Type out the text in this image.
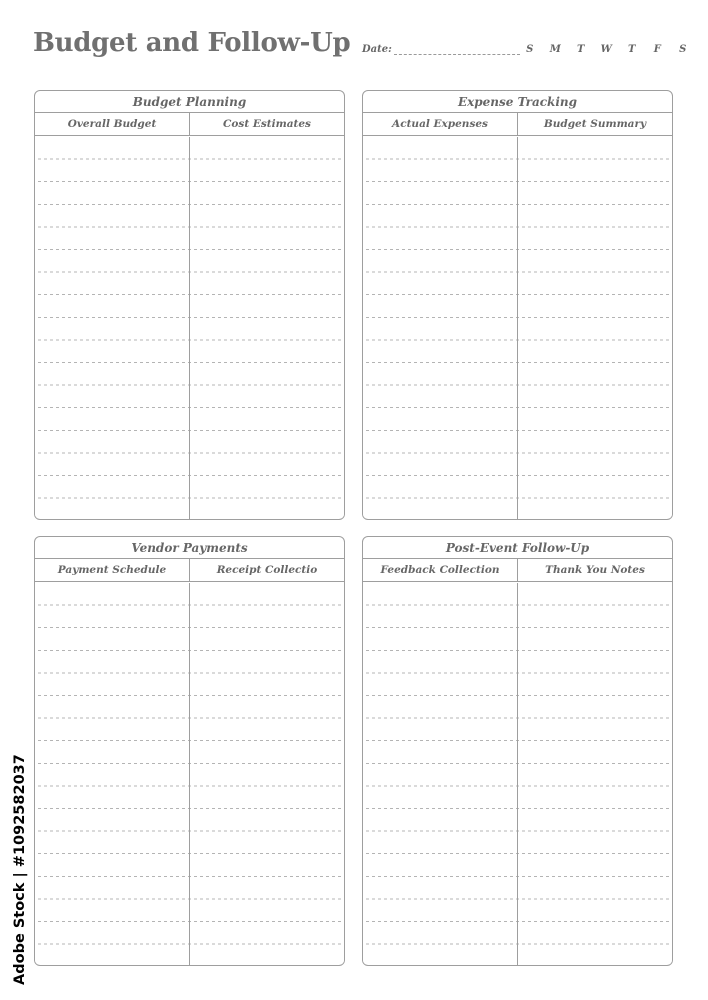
Budget and Follow-Up Date:	S	M	T	W	T	F	S
Budget Planning
Overall Budget	Cost Estimates
Expense Tracking
Actual Expenses	Budget Summary
Vendor Payments
Payment Schedule	Receipt Collectio
Post-Event Follow-Up
Feedback Collection	Thank You Notes
Adobe Stock | #1092582037
